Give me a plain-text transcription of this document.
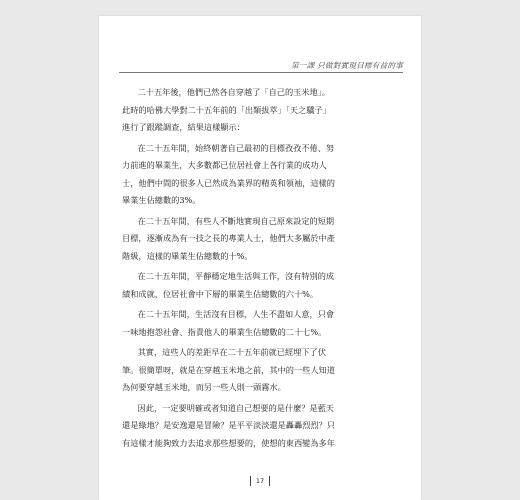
第一課 只做對實現目標有益的事

二十五年後，他們已然各自穿越了「自己的玉米地」。
此時的哈佛大學對二十五年前的「出類拔萃」「天之驕子」
進行了跟蹤調查，結果這樣顯示：

在二十五年間，始終朝著自己最初的目標孜孜不倦、努
力前進的畢業生，大多數都已位居社會上各行業的成功人
士，他們中間的很多人已然成為業界的精英和領袖，這樣的
畢業生佔總數的3%。

在二十五年間，有些人不斷地實現自己原來設定的短期
目標，逐漸成為有一技之長的專業人士，他們大多屬於中產
階級，這樣的畢業生佔總數的十%。

在二十五年間，平靜穩定地生活與工作，沒有特別的成
績和成就，位居社會中下層的畢業生佔總數的六十%。

在二十五年間，生活沒有目標，人生不盡如人意，只會
一味地抱怨社會、指責他人的畢業生佔總數的二十七%。

其實，這些人的差距早在二十五年前就已經埋下了伏
筆。很簡單呀，就是在穿越玉米地之前，其中的一些人知道
為何要穿越玉米地，而另一些人則一頭霧水。

因此，一定要明確或者知道自己想要的是什麼？是藍天
還是綠地？是安逸還是冒險？是平平淡淡還是轟轟烈烈？只
有這樣才能夠致力去追求那些想要的，使想的東西變為多年

17
